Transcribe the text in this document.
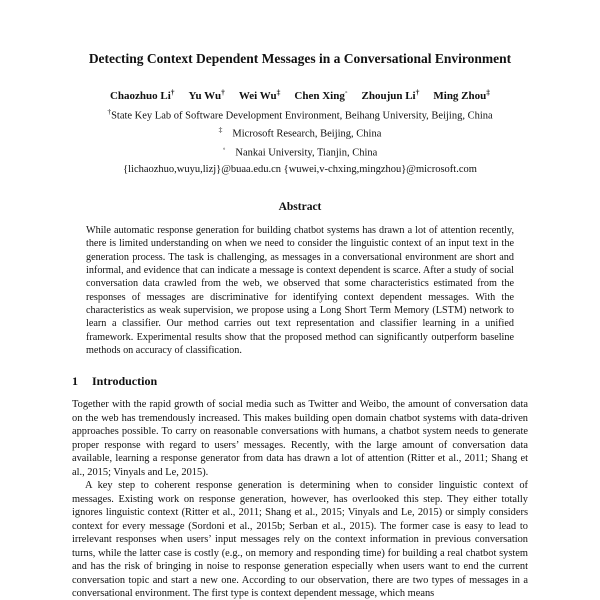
Detecting Context Dependent Messages in a Conversational Environment
Chaozhuo Li† Yu Wu† Wei Wu‡ Chen Xing◦ Zhoujun Li† Ming Zhou‡
†State Key Lab of Software Development Environment, Beihang University, Beijing, China
‡ Microsoft Research, Beijing, China
◦ Nankai University, Tianjin, China
{lichaozhuo,wuyu,lizj}@buaa.edu.cn {wuwei,v-chxing,mingzhou}@microsoft.com
Abstract

While automatic response generation for building chatbot systems has drawn a lot of attention recently, there is limited understanding on when we need to consider the linguistic context of an input text in the generation process. The task is challenging, as messages in a conversational environment are short and informal, and evidence that can indicate a message is context dependent is scarce. After a study of social conversation data crawled from the web, we observed that some characteristics estimated from the responses of messages are discriminative for identifying context dependent messages. With the characteristics as weak supervision, we propose using a Long Short Term Memory (LSTM) network to learn a classifier. Our method carries out text representation and classifier learning in a unified framework. Experimental results show that the proposed method can significantly outperform baseline methods on accuracy of classification.

1 Introduction

Together with the rapid growth of social media such as Twitter and Weibo, the amount of conversation data on the web has tremendously increased. This makes building open domain chatbot systems with data-driven approaches possible. To carry on reasonable conversations with humans, a chatbot system needs to generate proper response with regard to users’ messages. Recently, with the large amount of conversation data available, learning a response generator from data has drawn a lot of attention (Ritter et al., 2011; Shang et al., 2015; Vinyals and Le, 2015).

A key step to coherent response generation is determining when to consider linguistic context of messages. Existing work on response generation, however, has overlooked this step. They either totally ignores linguistic context (Ritter et al., 2011; Shang et al., 2015; Vinyals and Le, 2015) or simply considers context for every message (Sordoni et al., 2015b; Serban et al., 2015). The former case is easy to lead to irrelevant responses when users’ input messages rely on the context information in previous conversation turns, while the latter case is costly (e.g., on memory and responding time) for building a real chatbot system and has the risk of bringing in noise to response generation especially when users want to end the current conversation topic and start a new one. According to our observation, there are two types of messages in a conversational environment. The first type is context dependent message, which means
